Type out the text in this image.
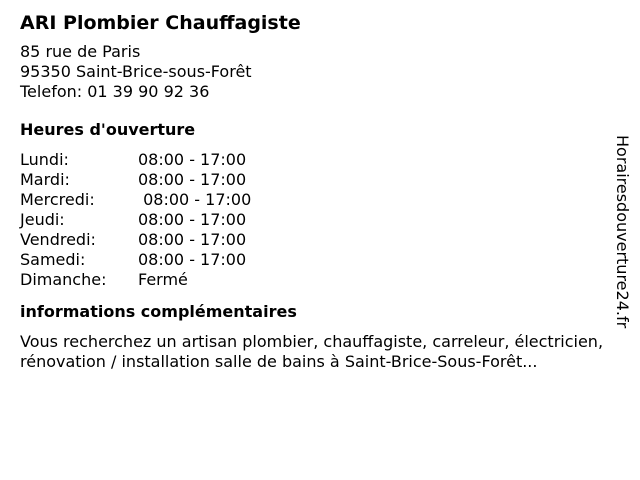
ARI Plombier Chauffagiste
85 rue de Paris
95350 Saint-Brice-sous-Forêt
Telefon: 01 39 90 92 36
Heures d'ouverture
Lundi:	08:00 - 17:00
Mardi:	08:00 - 17:00
Mercredi:	08:00 - 17:00
Jeudi:	08:00 - 17:00
Vendredi:	08:00 - 17:00
Samedi:	08:00 - 17:00
Dimanche:	Fermé
informations complémentaires
Vous recherchez un artisan plombier, chauffagiste, carreleur, électricien, rénovation / installation salle de bains à Saint-Brice-Sous-Forêt...
Horairesdouverture24.fr
